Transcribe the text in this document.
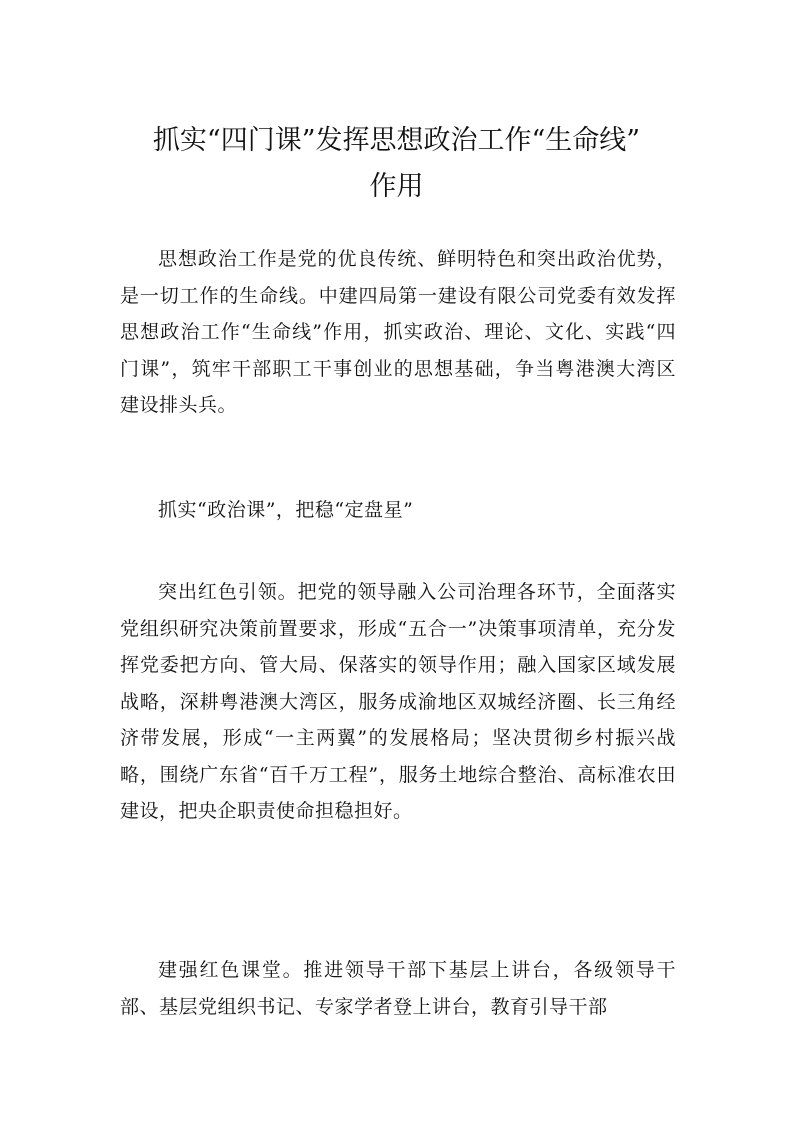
抓实“四门课”发挥思想政治工作“生命线”
作用

思想政治工作是党的优良传统、鲜明特色和突出政治优势，是一切工作的生命线。中建四局第一建设有限公司党委有效发挥思想政治工作“生命线”作用，抓实政治、理论、文化、实践“四门课”，筑牢干部职工干事创业的思想基础，争当粤港澳大湾区建设排头兵。

抓实“政治课”，把稳“定盘星”

突出红色引领。把党的领导融入公司治理各环节，全面落实党组织研究决策前置要求，形成“五合一”决策事项清单，充分发挥党委把方向、管大局、保落实的领导作用；融入国家区域发展战略，深耕粤港澳大湾区，服务成渝地区双城经济圈、长三角经济带发展，形成“一主两翼”的发展格局；坚决贯彻乡村振兴战略，围绕广东省“百千万工程”，服务土地综合整治、高标准农田建设，把央企职责使命担稳担好。

建强红色课堂。推进领导干部下基层上讲台，各级领导干部、基层党组织书记、专家学者登上讲台，教育引导干部
